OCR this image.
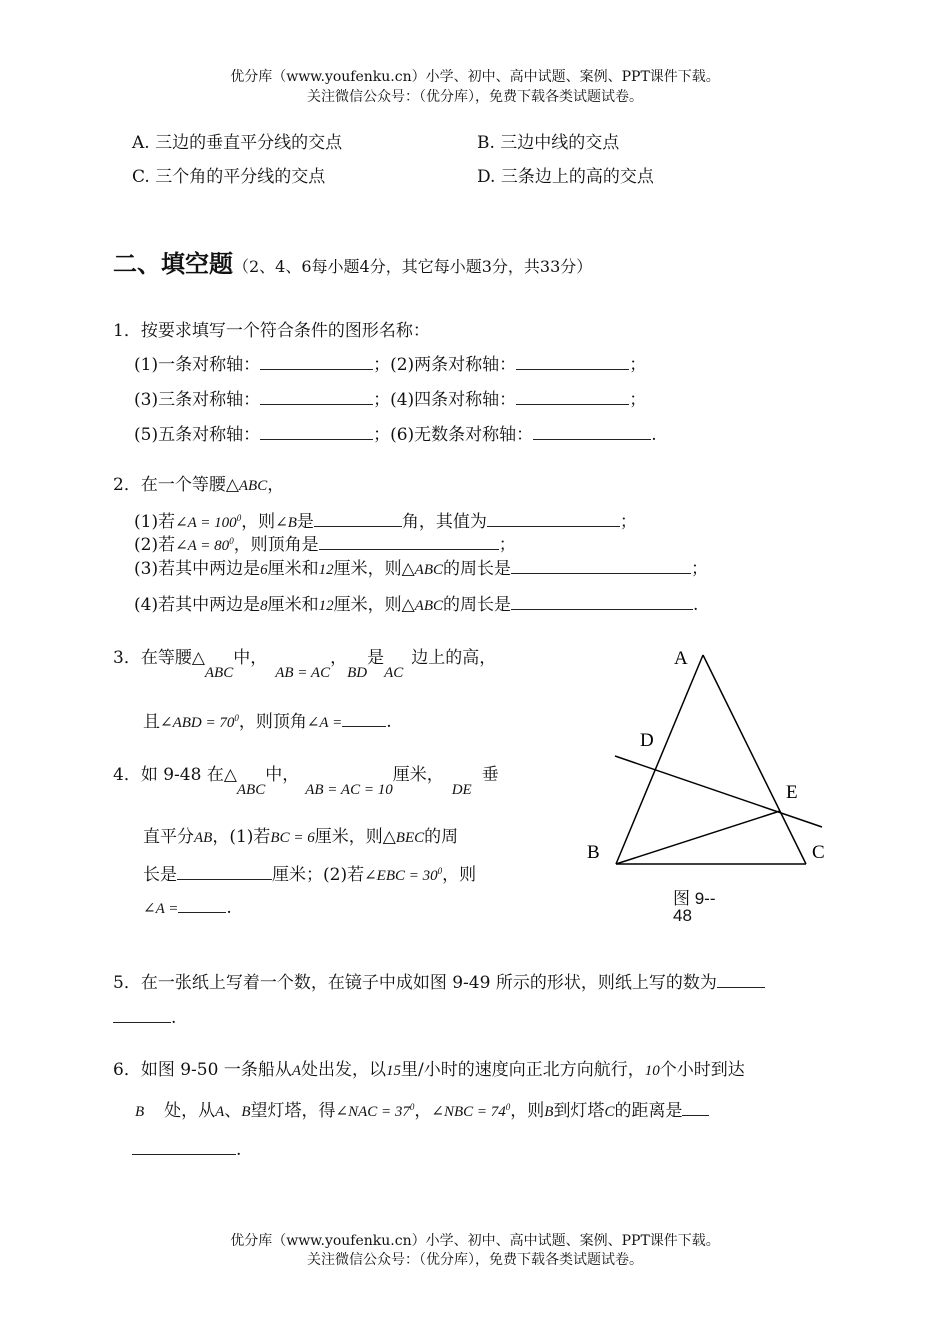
优分库（www.youfenku.cn）小学、初中、高中试题、案例、PPT课件下载。
关注微信公众号：（优分库），免费下载各类试题试卷。
A. 三边的垂直平分线的交点	B. 三边中线的交点
C. 三个角的平分线的交点	D. 三条边上的高的交点
二、填空题（2、4、6每小题4分，其它每小题3分，共33分）
1．按要求填写一个符合条件的图形名称：
(1)一条对称轴：	；(2)两条对称轴：	；
(3)三条对称轴：	；(4)四条对称轴：	；
(5)五条对称轴：	；(6)无数条对称轴：	.
2．在一个等腰△ABC，
(1)若∠A = $100^0$，则∠B是	角，其值为	；
(2)若∠A = $80^0$，则顶角是	；
(3)若其中两边是6厘米和12厘米，则△ABC的周长是	；
(4)若其中两边是8厘米和12厘米，则△ABC的周长是	.
3．在等腰△ABC中，AB = AC，BD是AC边上的高，
且∠ABD = $70^0$，则顶角∠A =	.
4．如 9-48 在△ABC中，AB = AC = 10厘米，DE垂
直平分AB，(1)若BC = 6厘米，则△BEC的周
长是	厘米；(2)若∠EBC = $30^0$，则
∠A =	.
A
D
E
B	C
图 9--
48
5．在一张纸上写着一个数，在镜子中成如图 9-49 所示的形状，则纸上写的数为
.
6．如图 9-50 一条船从A处出发，以15里/小时的速度向正北方向航行，10个小时到达
B 处，从A、B望灯塔，得∠NAC = $37^0$，∠NBC = $74^0$，则B到灯塔C的距离是
.
优分库（www.youfenku.cn）小学、初中、高中试题、案例、PPT课件下载。
关注微信公众号：（优分库），免费下载各类试题试卷。
